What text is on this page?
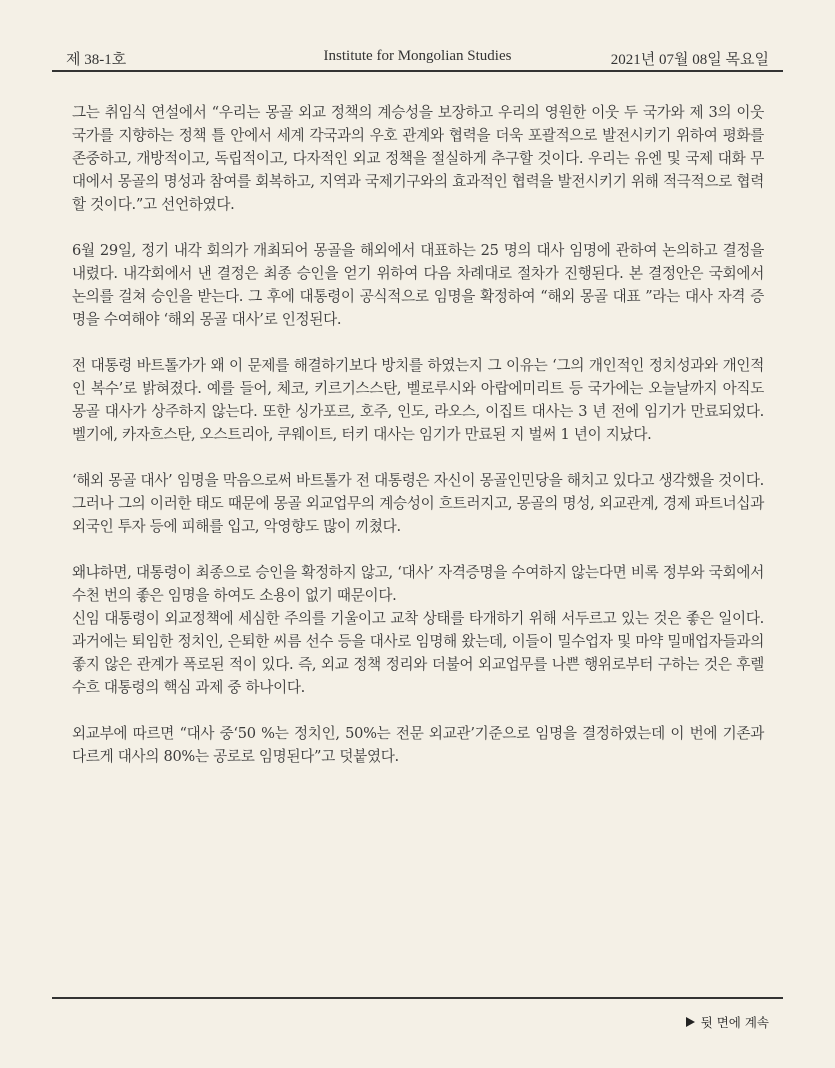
제 38-1호	Institute for Mongolian Studies	2021년 07월 08일 목요일

그는 취임식 연설에서 “우리는 몽골 외교 정책의 계승성을 보장하고 우리의 영원한 이웃 두 국가와 제 3의 이웃국가를 지향하는 정책 틀 안에서 세계 각국과의 우호 관계와 협력을 더욱 포괄적으로 발전시키기 위하여 평화를 존중하고, 개방적이고, 독립적이고, 다자적인 외교 정책을 절실하게 추구할 것이다. 우리는 유엔 및 국제 대화 무대에서 몽골의 명성과 참여를 회복하고, 지역과 국제기구와의 효과적인 협력을 발전시키기 위해 적극적으로 협력할 것이다.”고 선언하였다.

6월 29일, 정기 내각 회의가 개최되어 몽골을 해외에서 대표하는 25 명의 대사 임명에 관하여 논의하고 결정을 내렸다. 내각회에서 낸 결정은 최종 승인을 얻기 위하여 다음 차례대로 절차가 진행된다. 본 결정안은 국회에서 논의를 걸쳐 승인을 받는다. 그 후에 대통령이 공식적으로 임명을 확정하여 “해외 몽골 대표 ”라는 대사 자격 증명을 수여해야 ‘해외 몽골 대사’로 인정된다.

전 대통령 바트톨가가 왜 이 문제를 해결하기보다 방치를 하였는지 그 이유는 ‘그의 개인적인 정치성과와 개인적인 복수’로 밝혀졌다. 예를 들어, 체코, 키르기스스탄, 벨로루시와 아랍에미리트 등 국가에는 오늘날까지 아직도 몽골 대사가 상주하지 않는다. 또한 싱가포르, 호주, 인도, 라오스, 이집트 대사는 3 년 전에 임기가 만료되었다. 벨기에, 카자흐스탄, 오스트리아, 쿠웨이트, 터키 대사는 임기가 만료된 지 벌써 1 년이 지났다.

‘해외 몽골 대사’ 임명을 막음으로써 바트톨가 전 대통령은 자신이 몽골인민당을 해치고 있다고 생각했을 것이다. 그러나 그의 이러한 태도 때문에 몽골 외교업무의 계승성이 흐트러지고, 몽골의 명성, 외교관계, 경제 파트너십과 외국인 투자 등에 피해를 입고, 악영향도 많이 끼쳤다.

왜냐하면, 대통령이 최종으로 승인을 확정하지 않고, ‘대사’ 자격증명을 수여하지 않는다면 비록 정부와 국회에서 수천 번의 좋은 임명을 하여도 소용이 없기 때문이다.

신임 대통령이 외교정책에 세심한 주의를 기울이고 교착 상태를 타개하기 위해 서두르고 있는 것은 좋은 일이다. 과거에는 퇴임한 정치인, 은퇴한 씨름 선수 등을 대사로 임명해 왔는데, 이들이 밀수업자 및 마약 밀매업자들과의 좋지 않은 관계가 폭로된 적이 있다. 즉, 외교 정책 정리와 더불어 외교업무를 나쁜 행위로부터 구하는 것은 후렐수흐 대통령의 핵심 과제 중 하나이다.

외교부에 따르면 “대사 중‘50 %는 정치인, 50%는 전문 외교관’기준으로 임명을 결정하였는데 이 번에 기존과 다르게 대사의 80%는 공로로 임명된다”고 덧붙였다.

뒷 면에 계속
